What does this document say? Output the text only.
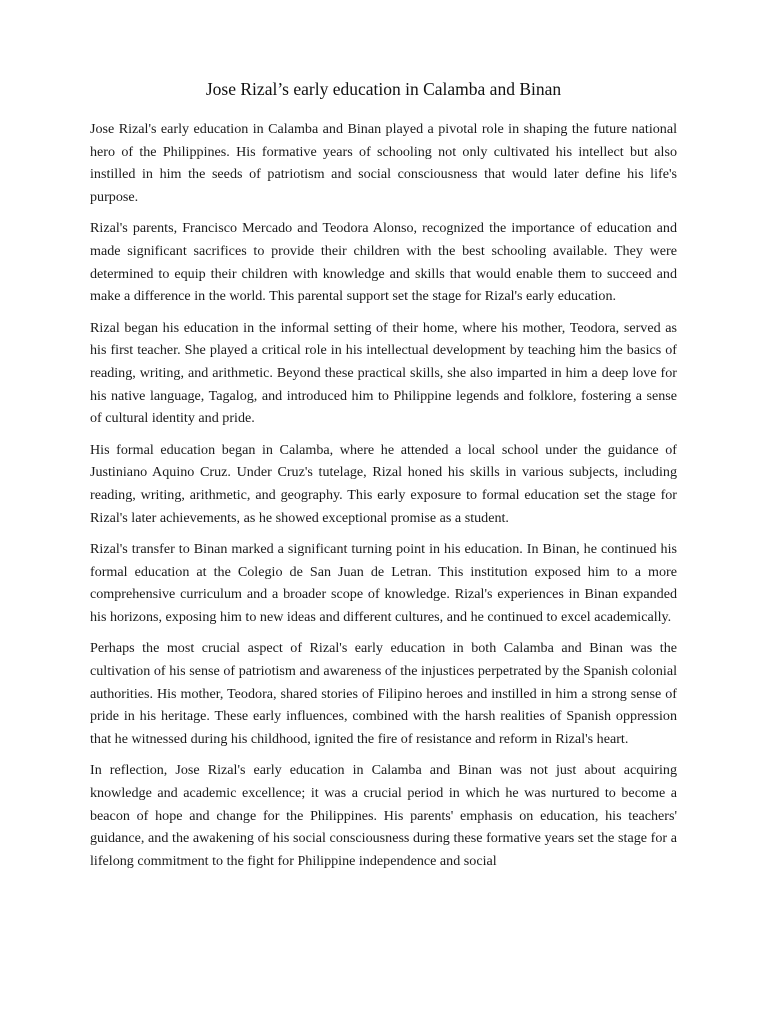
Jose Rizal’s early education in Calamba and Binan

Jose Rizal's early education in Calamba and Binan played a pivotal role in shaping the future national hero of the Philippines. His formative years of schooling not only cultivated his intellect but also instilled in him the seeds of patriotism and social consciousness that would later define his life's purpose.

Rizal's parents, Francisco Mercado and Teodora Alonso, recognized the importance of education and made significant sacrifices to provide their children with the best schooling available. They were determined to equip their children with knowledge and skills that would enable them to succeed and make a difference in the world. This parental support set the stage for Rizal's early education.

Rizal began his education in the informal setting of their home, where his mother, Teodora, served as his first teacher. She played a critical role in his intellectual development by teaching him the basics of reading, writing, and arithmetic. Beyond these practical skills, she also imparted in him a deep love for his native language, Tagalog, and introduced him to Philippine legends and folklore, fostering a sense of cultural identity and pride.

His formal education began in Calamba, where he attended a local school under the guidance of Justiniano Aquino Cruz. Under Cruz's tutelage, Rizal honed his skills in various subjects, including reading, writing, arithmetic, and geography. This early exposure to formal education set the stage for Rizal's later achievements, as he showed exceptional promise as a student.

Rizal's transfer to Binan marked a significant turning point in his education. In Binan, he continued his formal education at the Colegio de San Juan de Letran. This institution exposed him to a more comprehensive curriculum and a broader scope of knowledge. Rizal's experiences in Binan expanded his horizons, exposing him to new ideas and different cultures, and he continued to excel academically.

Perhaps the most crucial aspect of Rizal's early education in both Calamba and Binan was the cultivation of his sense of patriotism and awareness of the injustices perpetrated by the Spanish colonial authorities. His mother, Teodora, shared stories of Filipino heroes and instilled in him a strong sense of pride in his heritage. These early influences, combined with the harsh realities of Spanish oppression that he witnessed during his childhood, ignited the fire of resistance and reform in Rizal's heart.

In reflection, Jose Rizal's early education in Calamba and Binan was not just about acquiring knowledge and academic excellence; it was a crucial period in which he was nurtured to become a beacon of hope and change for the Philippines. His parents' emphasis on education, his teachers' guidance, and the awakening of his social consciousness during these formative years set the stage for a lifelong commitment to the fight for Philippine independence and social
